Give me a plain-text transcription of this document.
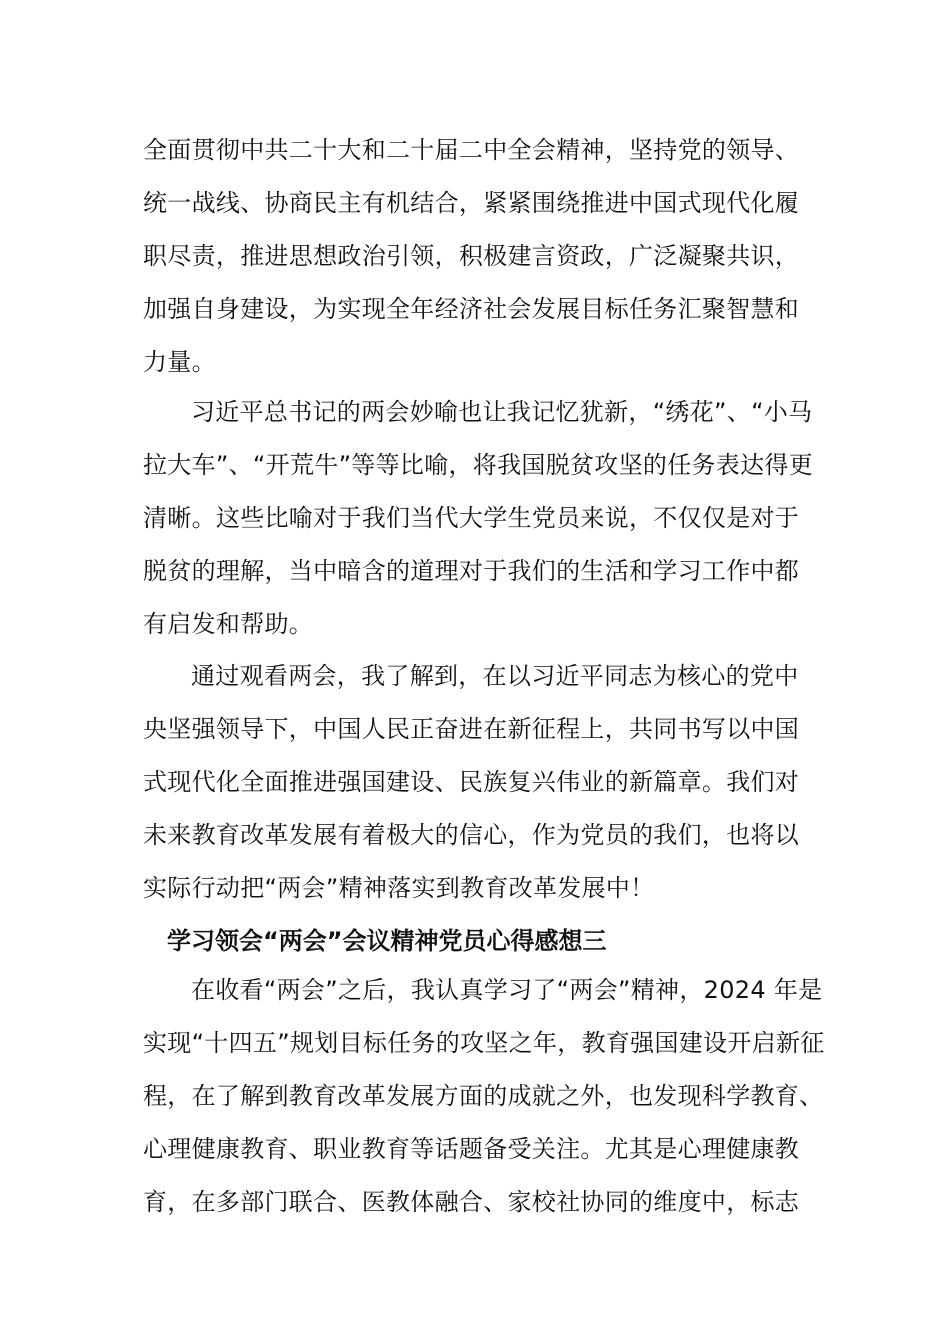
全面贯彻中共二十大和二十届二中全会精神，坚持党的领导、
统一战线、协商民主有机结合，紧紧围绕推进中国式现代化履
职尽责，推进思想政治引领，积极建言资政，广泛凝聚共识，
加强自身建设，为实现全年经济社会发展目标任务汇聚智慧和
力量。
习近平总书记的两会妙喻也让我记忆犹新，“绣花”、“小马
拉大车”、“开荒牛”等等比喻，将我国脱贫攻坚的任务表达得更
清晰。这些比喻对于我们当代大学生党员来说，不仅仅是对于
脱贫的理解，当中暗含的道理对于我们的生活和学习工作中都
有启发和帮助。
通过观看两会，我了解到，在以习近平同志为核心的党中
央坚强领导下，中国人民正奋进在新征程上，共同书写以中国
式现代化全面推进强国建设、民族复兴伟业的新篇章。我们对
未来教育改革发展有着极大的信心，作为党员的我们，也将以
实际行动把“两会”精神落实到教育改革发展中！
学习领会“两会”会议精神党员心得感想三
在收看“两会”之后，我认真学习了“两会”精神，2024 年是
实现“十四五”规划目标任务的攻坚之年，教育强国建设开启新征
程，在了解到教育改革发展方面的成就之外，也发现科学教育、
心理健康教育、职业教育等话题备受关注。尤其是心理健康教
育，在多部门联合、医教体融合、家校社协同的维度中，标志
